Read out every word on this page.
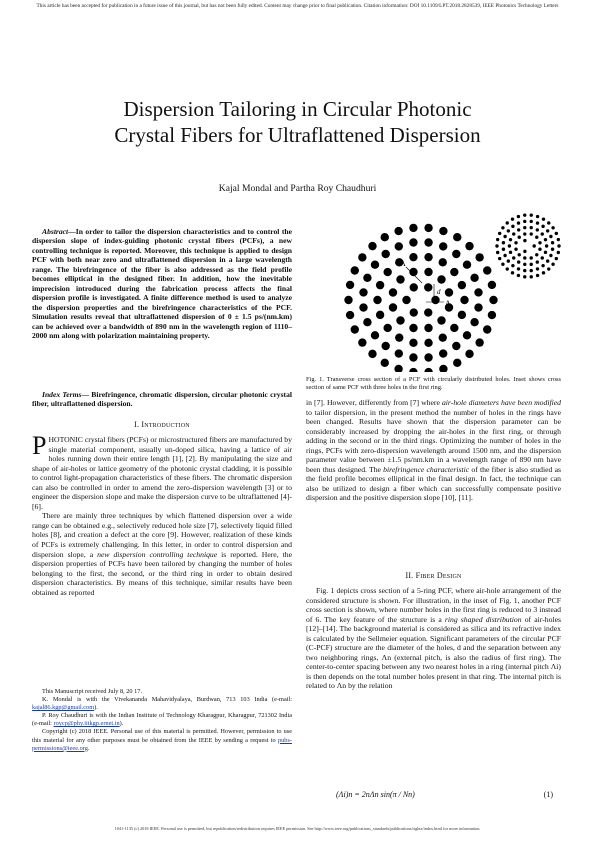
This article has been accepted for publication in a future issue of this journal, but has not been fully edited. Content may change prior to final publication. Citation information: DOI 10.1109/LPT.2018.2828539, IEEE Photonics Technology Letters
Dispersion Tailoring in Circular Photonic
Crystal Fibers for Ultraflattened Dispersion
Kajal Mondal and Partha Roy Chaudhuri
Abstract—In order to tailor the dispersion characteristics and to control the dispersion slope of index-guiding photonic crystal fibers (PCFs), a new controlling technique is reported. Moreover, this technique is applied to design PCF with both near zero and ultraflattened dispersion in a large wavelength range. The birefringence of the fiber is also addressed as the field profile becomes elliptical in the designed fiber. In addition, how the inevitable imprecision introduced during the fabrication process affects the final dispersion profile is investigated. A finite difference method is used to analyze the dispersion properties and the birefringence characteristics of the PCF. Simulation results reveal that ultraflattened dispersion of 0 ± 1.5 ps/(nm.km) can be achieved over a bandwidth of 890 nm in the wavelength region of 1110–2000 nm along with polarization maintaining property.
Index Terms— Birefringence, chromatic dispersion, circular photonic crystal fiber, ultraflattened dispersion.
I. Introduction

PHOTONIC crystal fibers (PCFs) or microstructured fibers are manufactured by single material component, usually un-doped silica, having a lattice of air holes running down their entire length [1], [2]. By manipulating the size and shape of air-holes or lattice geometry of the photonic crystal cladding, it is possible to control light-propagation characteristics of these fibers. The chromatic dispersion can also be controlled in order to amend the zero-dispersion wavelength [3] or to engineer the dispersion slope and make the dispersion curve to be ultraflattened [4]-[6].

There are mainly three techniques by which flattened dispersion over a wide range can be obtained e.g., selectively reduced hole size [7], selectively liquid filled holes [8], and creation a defect at the core [9]. However, realization of these kinds of PCFs is extremely challenging. In this letter, in order to control dispersion and dispersion slope, a new dispersion controlling technique is reported. Here, the dispersion properties of PCFs have been tailored by changing the number of holes belonging to the first, the second, or the third ring in order to obtain desired dispersion characteristics. By means of this technique, similar results have been obtained as reported

This Manuscript received July 8, 20 17.

K. Mondal is with the Vivekananda Mahavidyalaya, Burdwan, 713 103 India (e-mail: kajal86.kgp@gmail.com).

P. Roy Chaudhuri is with the Indian Institute of Technology Kharagpur, Kharagpur, 721302 India (e-mail: roycp@phy.iitkgp.ernet.in).

Copyright (c) 2018 IEEE. Personal use of this material is permitted. However, permission to use this material for any other purposes must be obtained from the IEEE by sending a request to pubs-permissions@ieee.org.

Λ
Λ
d
Fig. 1. Transverse cross section of a PCF with circularly distributed holes. Inset shows cross section of same PCF with three holes in the first ring.

in [7]. However, differently from [7] where air-hole diameters have been modified to tailor dispersion, in the present method the number of holes in the rings have been changed. Results have shown that the dispersion parameter can be considerably increased by dropping the air-holes in the first ring, or through adding in the second or in the third rings. Optimizing the number of holes in the rings, PCFs with zero-dispersion wavelength around 1500 nm, and the dispersion parameter value between ±1.5 ps/nm.km in a wavelength range of 890 nm have been thus designed. The birefringence characteristic of the fiber is also studied as the field profile becomes elliptical in the final design. In fact, the technique can also be utilized to design a fiber which can successfully compensate positive dispersion and the positive dispersion slope [10], [11].

II. Fiber Design

Fig. 1 depicts cross section of a 5-ring PCF, where air-hole arrangement of the considered structure is shown. For illustration, in the inset of Fig. 1, another PCF cross section is shown, where number holes in the first ring is reduced to 3 instead of 6. The key feature of the structure is a ring shaped distribution of air-holes [12]–[14]. The background material is considered as silica and its refractive index is calculated by the Sellmeier equation. Significant parameters of the circular PCF (C-PCF) structure are the diameter of the holes, d and the separation between any two neighboring rings, Λn (external pitch, is also the radius of first ring). The center-to-center spacing between any two nearest holes in a ring (internal pitch Λi) is then depends on the total number holes present in that ring. The internal pitch is related to Λn by the relation

(Λi)n = 2nΛn sin(π / Nn)	(1)
1041-1135 (c) 2018 IEEE. Personal use is permitted, but republication/redistribution requires IEEE permission. See http://www.ieee.org/publications_standards/publications/rights/index.html for more information.
